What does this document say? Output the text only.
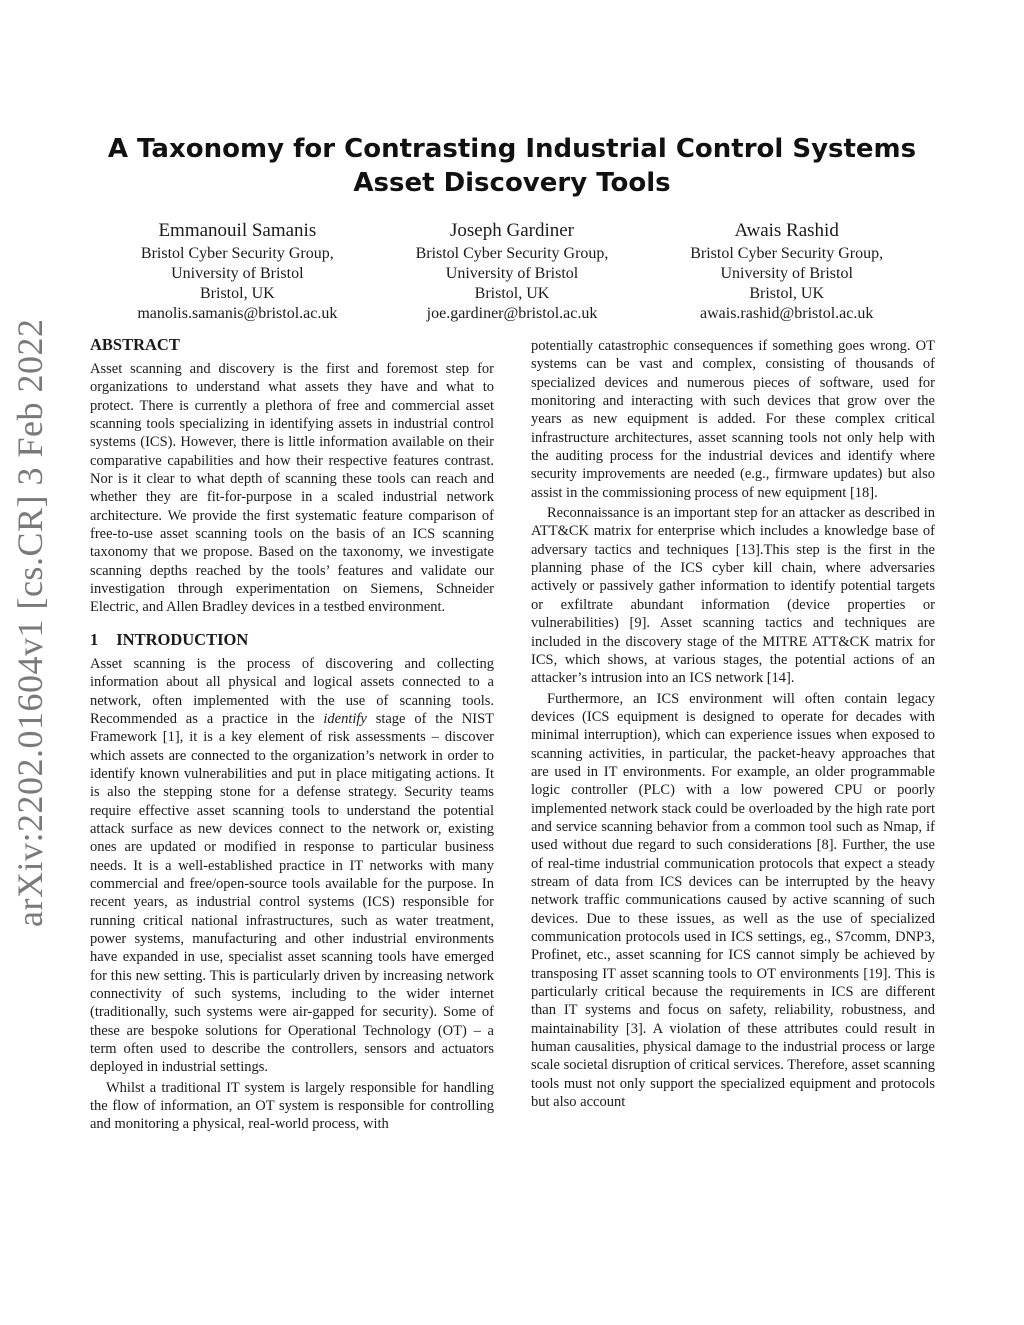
arXiv:2202.01604v1 [cs.CR] 3 Feb 2022
A Taxonomy for Contrasting Industrial Control Systems Asset Discovery Tools
Emmanouil Samanis
Bristol Cyber Security Group,
University of Bristol
Bristol, UK
manolis.samanis@bristol.ac.uk
Joseph Gardiner
Bristol Cyber Security Group,
University of Bristol
Bristol, UK
joe.gardiner@bristol.ac.uk
Awais Rashid
Bristol Cyber Security Group,
University of Bristol
Bristol, UK
awais.rashid@bristol.ac.uk
ABSTRACT

Asset scanning and discovery is the first and foremost step for organizations to understand what assets they have and what to protect. There is currently a plethora of free and commercial asset scanning tools specializing in identifying assets in industrial control systems (ICS). However, there is little information available on their comparative capabilities and how their respective features contrast. Nor is it clear to what depth of scanning these tools can reach and whether they are fit-for-purpose in a scaled industrial network architecture. We provide the first systematic feature comparison of free-to-use asset scanning tools on the basis of an ICS scanning taxonomy that we propose. Based on the taxonomy, we investigate scanning depths reached by the tools’ features and validate our investigation through experimentation on Siemens, Schneider Electric, and Allen Bradley devices in a testbed environment.

1 INTRODUCTION

Asset scanning is the process of discovering and collecting information about all physical and logical assets connected to a network, often implemented with the use of scanning tools. Recommended as a practice in the identify stage of the NIST Framework [1], it is a key element of risk assessments – discover which assets are connected to the organization’s network in order to identify known vulnerabilities and put in place mitigating actions. It is also the stepping stone for a defense strategy. Security teams require effective asset scanning tools to understand the potential attack surface as new devices connect to the network or, existing ones are updated or modified in response to particular business needs. It is a well-established practice in IT networks with many commercial and free/open-source tools available for the purpose. In recent years, as industrial control systems (ICS) responsible for running critical national infrastructures, such as water treatment, power systems, manufacturing and other industrial environments have expanded in use, specialist asset scanning tools have emerged for this new setting. This is particularly driven by increasing network connectivity of such systems, including to the wider internet (traditionally, such systems were air-gapped for security). Some of these are bespoke solutions for Operational Technology (OT) – a term often used to describe the controllers, sensors and actuators deployed in industrial settings.

Whilst a traditional IT system is largely responsible for handling the flow of information, an OT system is responsible for controlling and monitoring a physical, real-world process, with

potentially catastrophic consequences if something goes wrong. OT systems can be vast and complex, consisting of thousands of specialized devices and numerous pieces of software, used for monitoring and interacting with such devices that grow over the years as new equipment is added. For these complex critical infrastructure architectures, asset scanning tools not only help with the auditing process for the industrial devices and identify where security improvements are needed (e.g., firmware updates) but also assist in the commissioning process of new equipment [18].

Reconnaissance is an important step for an attacker as described in ATT&CK matrix for enterprise which includes a knowledge base of adversary tactics and techniques [13].This step is the first in the planning phase of the ICS cyber kill chain, where adversaries actively or passively gather information to identify potential targets or exfiltrate abundant information (device properties or vulnerabilities) [9]. Asset scanning tactics and techniques are included in the discovery stage of the MITRE ATT&CK matrix for ICS, which shows, at various stages, the potential actions of an attacker’s intrusion into an ICS network [14].

Furthermore, an ICS environment will often contain legacy devices (ICS equipment is designed to operate for decades with minimal interruption), which can experience issues when exposed to scanning activities, in particular, the packet-heavy approaches that are used in IT environments. For example, an older programmable logic controller (PLC) with a low powered CPU or poorly implemented network stack could be overloaded by the high rate port and service scanning behavior from a common tool such as Nmap, if used without due regard to such considerations [8]. Further, the use of real-time industrial communication protocols that expect a steady stream of data from ICS devices can be interrupted by the heavy network traffic communications caused by active scanning of such devices. Due to these issues, as well as the use of specialized communication protocols used in ICS settings, eg., S7comm, DNP3, Profinet, etc., asset scanning for ICS cannot simply be achieved by transposing IT asset scanning tools to OT environments [19]. This is particularly critical because the requirements in ICS are different than IT systems and focus on safety, reliability, robustness, and maintainability [3]. A violation of these attributes could result in human causalities, physical damage to the industrial process or large scale societal disruption of critical services. Therefore, asset scanning tools must not only support the specialized equipment and protocols but also account
